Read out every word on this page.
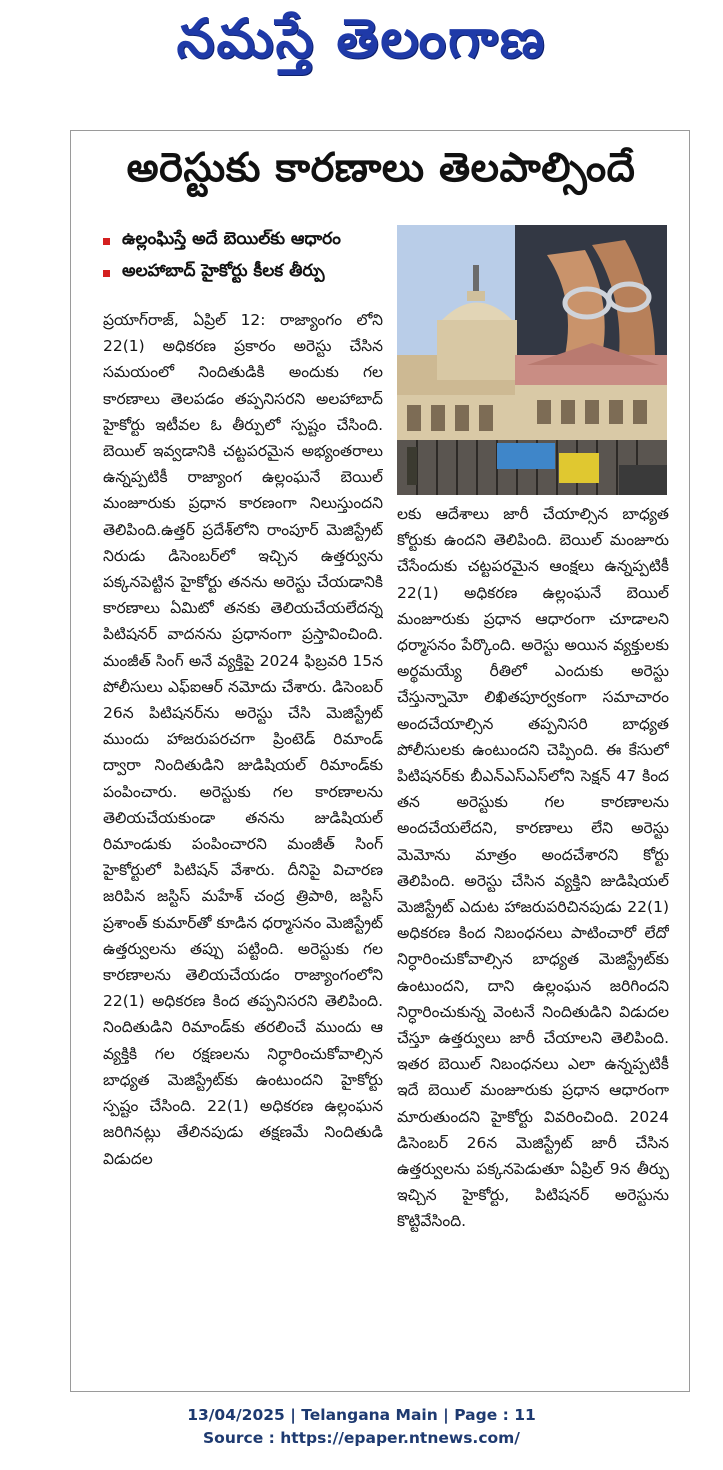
నమస్తే తెలంగాణ
అరెస్టుకు కారణాలు తెలపాల్సిందే
ఉల్లంఘిస్తే అదే బెయిల్‌కు ఆధారం
అలహాబాద్‌ హైకోర్టు కీలక తీర్పు

ప్రయాగ్‌రాజ్‌, ఏప్రిల్‌ 12: రాజ్యాంగం లోని 22(1) అధికరణ ప్రకారం అరెస్టు చేసిన సమయంలో నిందితుడికి అందుకు గల కారణాలు తెలపడం తప్పనిసరని అలహాబాద్‌ హైకోర్టు ఇటీవల ఓ తీర్పులో స్పష్టం చేసింది. బెయిల్‌ ఇవ్వడానికి చట్టపరమైన అభ్యంతరాలు ఉన్నప్పటికీ రాజ్యాంగ ఉల్లంఘనే బెయిల్‌ మంజూరుకు ప్రధాన కారణంగా నిలుస్తుందని తెలిపింది.ఉత్తర్‌ ప్రదేశ్‌లోని రాంపూర్‌ మెజిస్ట్రేట్‌ నిరుడు డిసెంబర్‌లో ఇచ్చిన ఉత్తర్వును పక్కనపెట్టిన హైకోర్టు తనను అరెస్టు చేయడానికి కారణాలు ఏమిటో తనకు తెలియచేయలేదన్న పిటిషనర్‌ వాదనను ప్రధానంగా ప్రస్తావించింది. మంజీత్‌ సింగ్‌ అనే వ్యక్తిపై 2024 ఫిబ్రవరి 15న పోలీసులు ఎఫ్‌ఐఆర్‌ నమోదు చేశారు. డిసెంబర్‌ 26న పిటిషనర్‌ను అరెస్టు చేసి మెజిస్ట్రేట్‌ ముందు హాజరుపరచగా ప్రింటెడ్‌ రిమాండ్‌ ద్వారా నిందితుడిని జుడిషియల్‌ రిమాండ్‌కు పంపించారు. అరెస్టుకు గల కారణాలను తెలియచేయకుండా తనను జుడిషియల్‌ రిమాండుకు పంపించారని మంజీత్‌ సింగ్‌ హైకోర్టులో పిటిషన్‌ వేశారు. దీనిపై విచారణ జరిపిన జస్టిస్‌ మహేశ్‌ చంద్ర త్రిపాఠి, జస్టిస్‌ ప్రశాంత్‌ కుమార్‌తో కూడిన ధర్మాసనం మెజిస్ట్రేట్‌ ఉత్తర్వులను తప్పు పట్టింది. అరెస్టుకు గల కారణాలను తెలియచేయడం రాజ్యాంగంలోని 22(1) అధికరణ కింద తప్పనిసరని తెలిపింది. నిందితుడిని రిమాండ్‌కు తరలించే ముందు ఆ వ్యక్తికి గల రక్షణలను నిర్ధారించుకోవాల్సిన బాధ్యత మెజిస్ట్రేట్‌కు ఉంటుందని హైకోర్టు స్పష్టం చేసింది. 22(1) అధికరణ ఉల్లంఘన జరిగినట్లు తేలినపుడు తక్షణమే నిందితుడి విడుదల

లకు ఆదేశాలు జారీ చేయాల్సిన బాధ్యత కోర్టుకు ఉందని తెలిపింది. బెయిల్‌ మంజూరు చేసేందుకు చట్టపరమైన ఆంక్షలు ఉన్నప్పటికీ 22(1) అధికరణ ఉల్లంఘనే బెయిల్‌ మంజూరుకు ప్రధాన ఆధారంగా చూడాలని ధర్మాసనం పేర్కొంది. అరెస్టు అయిన వ్యక్తులకు అర్థమయ్యే రీతిలో ఎందుకు అరెస్టు చేస్తున్నామో లిఖితపూర్వకంగా సమాచారం అందచేయాల్సిన తప్పనిసరి బాధ్యత పోలీసులకు ఉంటుందని చెప్పింది. ఈ కేసులో పిటిషనర్‌కు బీఎన్‌ఎస్‌ఎస్‌లోని సెక్షన్‌ 47 కింద తన అరెస్టుకు గల కారణాలను అందచేయలేదని, కారణాలు లేని అరెస్టు మెమోను మాత్రం అందచేశారని కోర్టు తెలిపింది. అరెస్టు చేసిన వ్యక్తిని జుడిషియల్‌ మెజిస్ట్రేట్‌ ఎదుట హాజరుపరిచినపుడు 22(1) అధికరణ కింద నిబంధనలు పాటించారో లేదో నిర్ధారించుకోవాల్సిన బాధ్యత మెజిస్ట్రేట్‌కు ఉంటుందని, దాని ఉల్లంఘన జరిగిందని నిర్ధారించుకున్న వెంటనే నిందితుడిని విడుదల చేస్తూ ఉత్తర్వులు జారీ చేయాలని తెలిపింది. ఇతర బెయిల్‌ నిబంధనలు ఎలా ఉన్నప్పటికీ ఇదే బెయిల్‌ మంజూరుకు ప్రధాన ఆధారంగా మారుతుందని హైకోర్టు వివరించింది. 2024 డిసెంబర్‌ 26న మెజిస్ట్రేట్‌ జారీ చేసిన ఉత్తర్వులను పక్కనపెడుతూ ఏప్రిల్‌ 9న తీర్పు ఇచ్చిన హైకోర్టు, పిటిషనర్‌ అరెస్టును కొట్టివేసింది.

13/04/2025 | Telangana Main | Page : 11
Source : https://epaper.ntnews.com/
